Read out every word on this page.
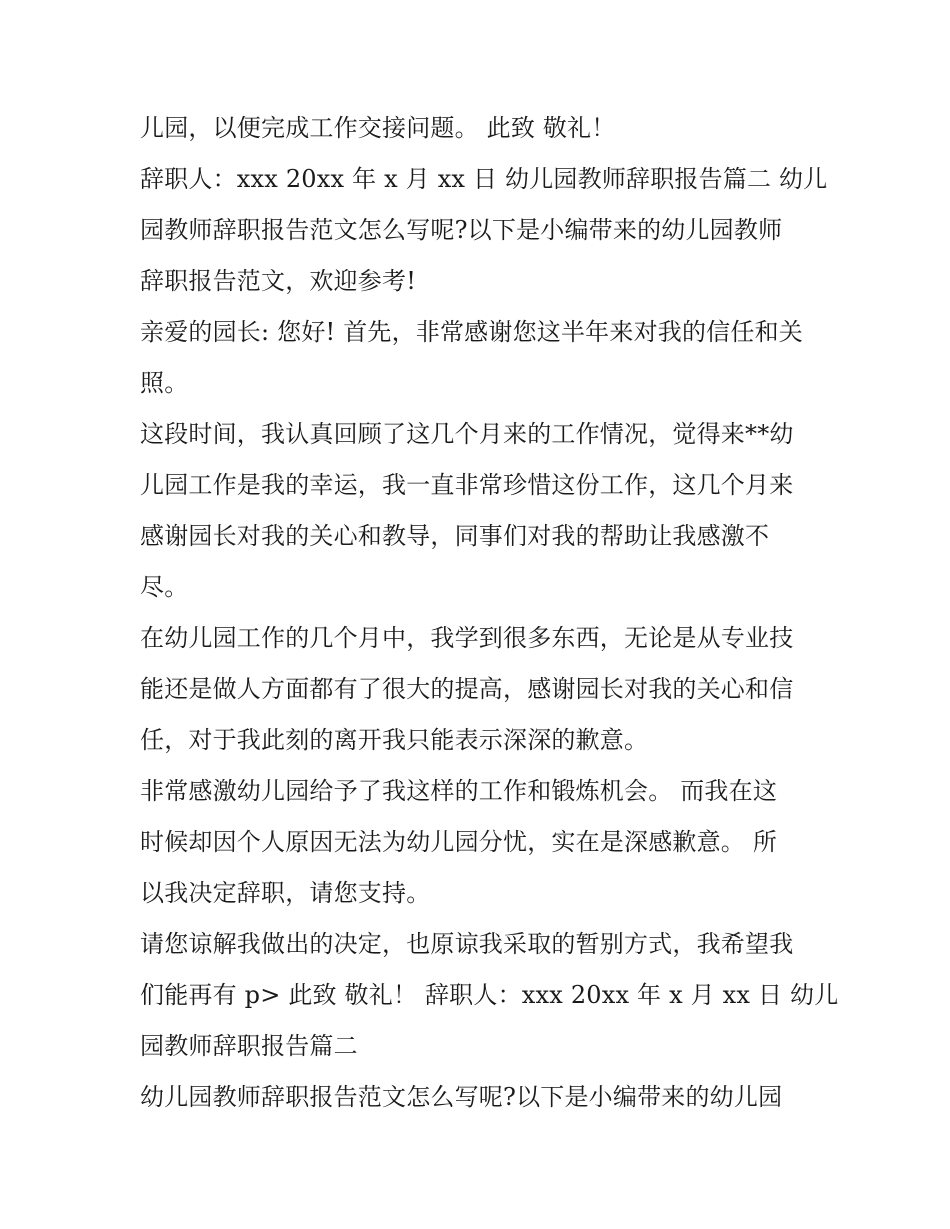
儿园，以便完成工作交接问题。 此致 敬礼！
辞职人：xxx 20xx 年 x 月 xx 日 幼儿园教师辞职报告篇二 幼儿
园教师辞职报告范文怎么写呢?以下是小编带来的幼儿园教师
辞职报告范文，欢迎参考!
亲爱的园长: 您好! 首先，非常感谢您这半年来对我的信任和关
照。
这段时间，我认真回顾了这几个月来的工作情况，觉得来**幼
儿园工作是我的幸运，我一直非常珍惜这份工作，这几个月来
感谢园长对我的关心和教导，同事们对我的帮助让我感激不
尽。
在幼儿园工作的几个月中，我学到很多东西，无论是从专业技
能还是做人方面都有了很大的提高，感谢园长对我的关心和信
任，对于我此刻的离开我只能表示深深的歉意。
非常感激幼儿园给予了我这样的工作和锻炼机会。 而我在这
时候却因个人原因无法为幼儿园分忧，实在是深感歉意。 所
以我决定辞职，请您支持。
请您谅解我做出的决定，也原谅我采取的暂别方式，我希望我
们能再有 p> 此致 敬礼！ 辞职人：xxx 20xx 年 x 月 xx 日 幼儿
园教师辞职报告篇二
幼儿园教师辞职报告范文怎么写呢?以下是小编带来的幼儿园
